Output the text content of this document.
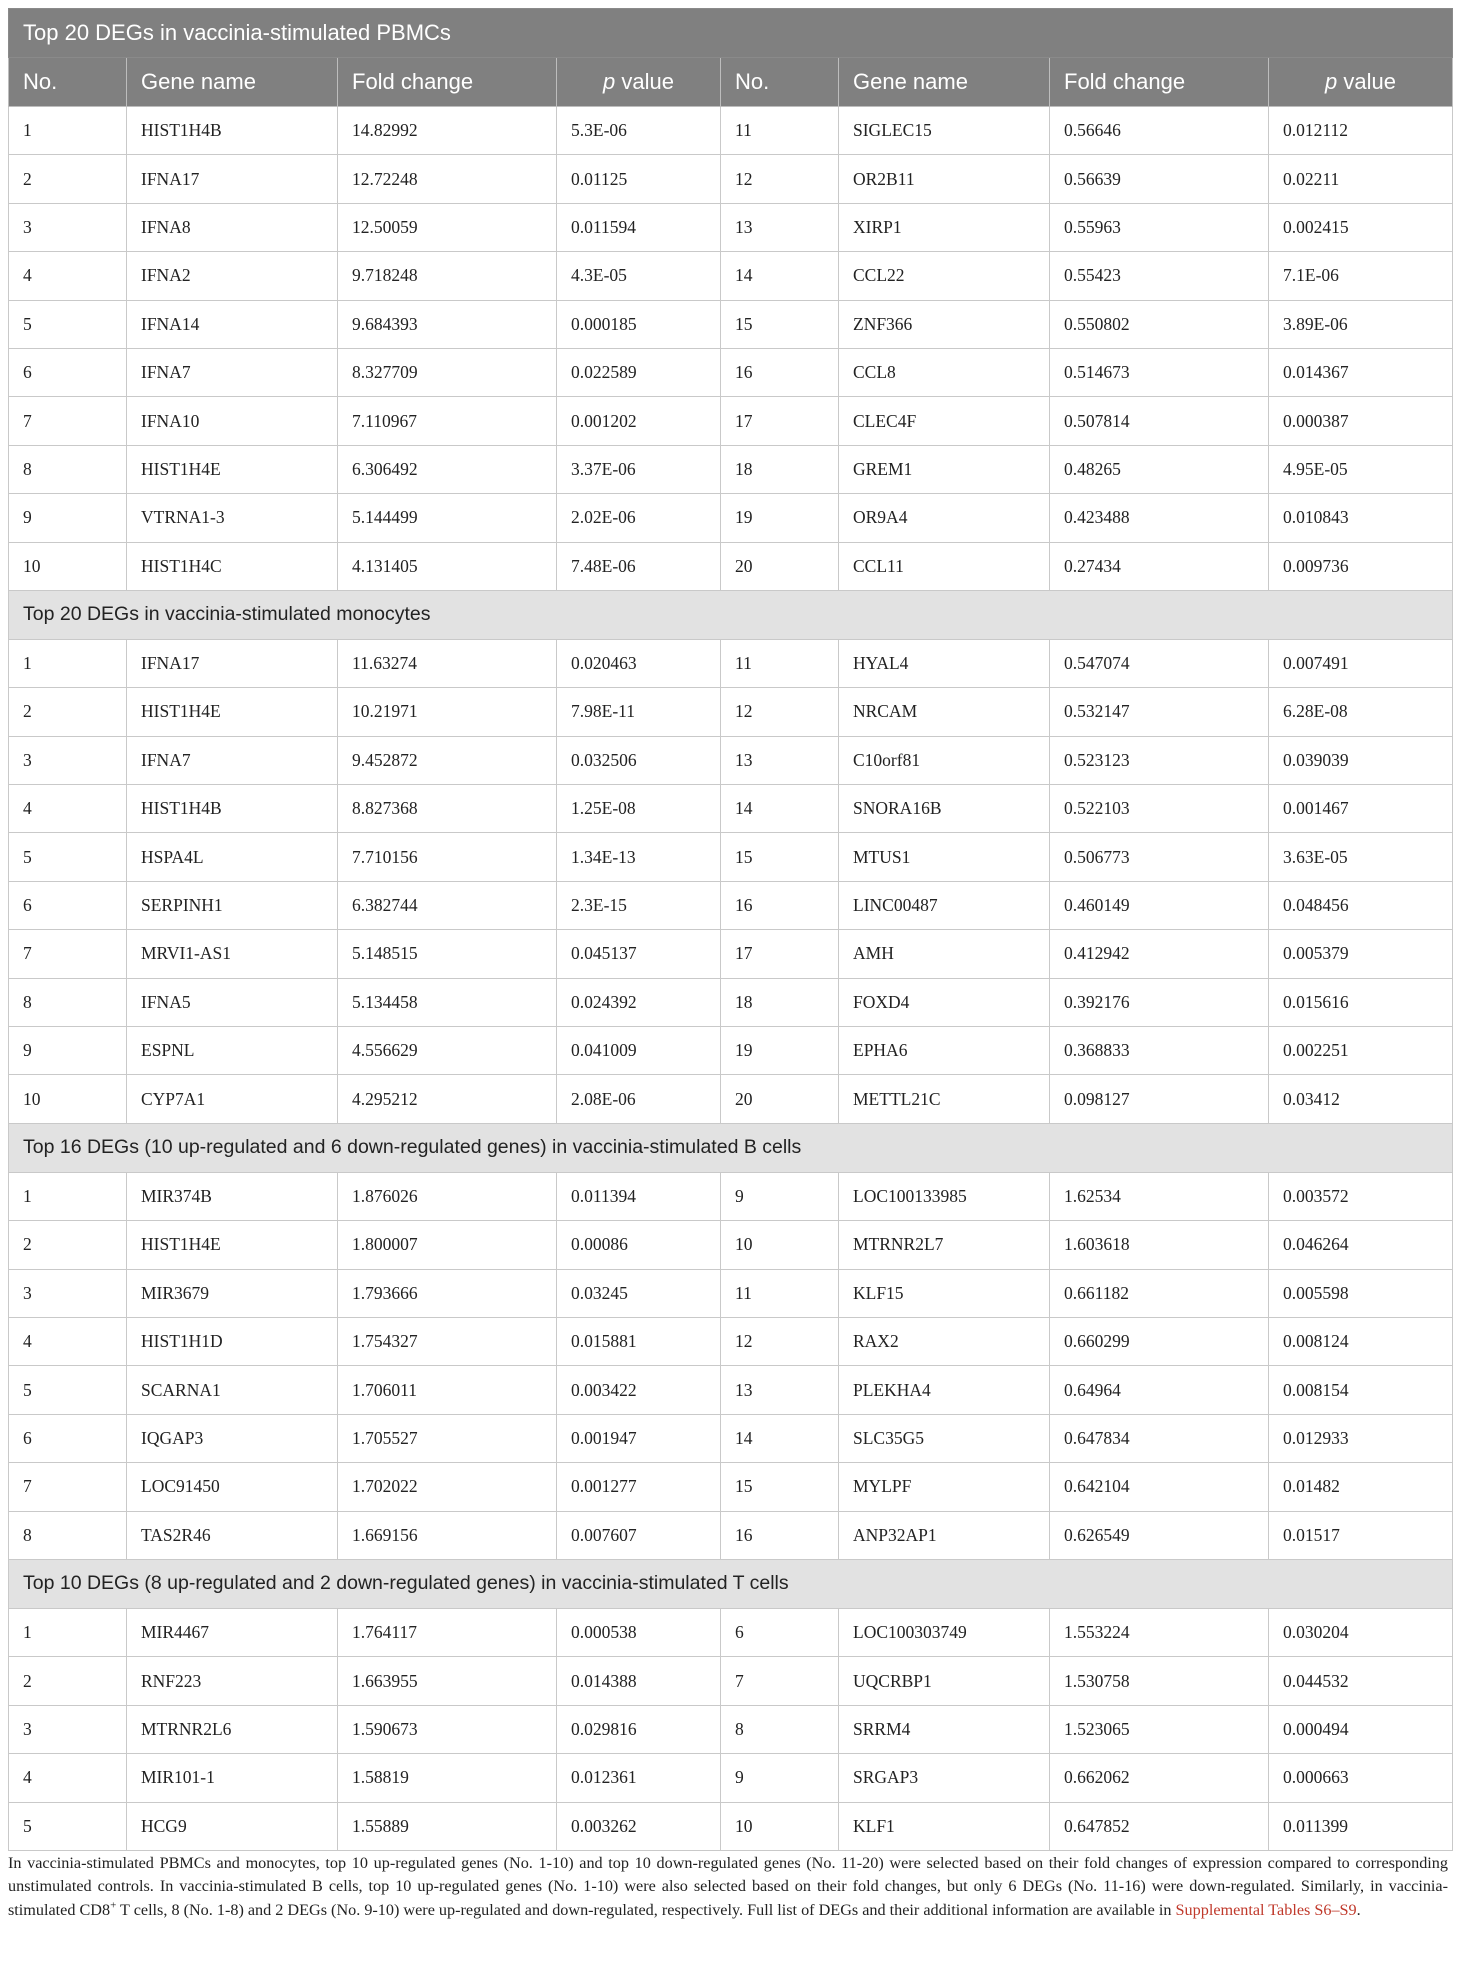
Top 20 DEGs in vaccinia-stimulated PBMCs							
No.	Gene name	Fold change	p value	No.	Gene name	Fold change	p value
1	HIST1H4B	14.82992	5.3E-06	11	SIGLEC15	0.56646	0.012112
2	IFNA17	12.72248	0.01125	12	OR2B11	0.56639	0.02211
3	IFNA8	12.50059	0.011594	13	XIRP1	0.55963	0.002415
4	IFNA2	9.718248	4.3E-05	14	CCL22	0.55423	7.1E-06
5	IFNA14	9.684393	0.000185	15	ZNF366	0.550802	3.89E-06
6	IFNA7	8.327709	0.022589	16	CCL8	0.514673	0.014367
7	IFNA10	7.110967	0.001202	17	CLEC4F	0.507814	0.000387
8	HIST1H4E	6.306492	3.37E-06	18	GREM1	0.48265	4.95E-05
9	VTRNA1-3	5.144499	2.02E-06	19	OR9A4	0.423488	0.010843
10	HIST1H4C	4.131405	7.48E-06	20	CCL11	0.27434	0.009736
Top 20 DEGs in vaccinia-stimulated monocytes							
1	IFNA17	11.63274	0.020463	11	HYAL4	0.547074	0.007491
2	HIST1H4E	10.21971	7.98E-11	12	NRCAM	0.532147	6.28E-08
3	IFNA7	9.452872	0.032506	13	C10orf81	0.523123	0.039039
4	HIST1H4B	8.827368	1.25E-08	14	SNORA16B	0.522103	0.001467
5	HSPA4L	7.710156	1.34E-13	15	MTUS1	0.506773	3.63E-05
6	SERPINH1	6.382744	2.3E-15	16	LINC00487	0.460149	0.048456
7	MRVI1-AS1	5.148515	0.045137	17	AMH	0.412942	0.005379
8	IFNA5	5.134458	0.024392	18	FOXD4	0.392176	0.015616
9	ESPNL	4.556629	0.041009	19	EPHA6	0.368833	0.002251
10	CYP7A1	4.295212	2.08E-06	20	METTL21C	0.098127	0.03412
Top 16 DEGs (10 up-regulated and 6 down-regulated genes) in vaccinia-stimulated B cells							
1	MIR374B	1.876026	0.011394	9	LOC100133985	1.62534	0.003572
2	HIST1H4E	1.800007	0.00086	10	MTRNR2L7	1.603618	0.046264
3	MIR3679	1.793666	0.03245	11	KLF15	0.661182	0.005598
4	HIST1H1D	1.754327	0.015881	12	RAX2	0.660299	0.008124
5	SCARNA1	1.706011	0.003422	13	PLEKHA4	0.64964	0.008154
6	IQGAP3	1.705527	0.001947	14	SLC35G5	0.647834	0.012933
7	LOC91450	1.702022	0.001277	15	MYLPF	0.642104	0.01482
8	TAS2R46	1.669156	0.007607	16	ANP32AP1	0.626549	0.01517
Top 10 DEGs (8 up-regulated and 2 down-regulated genes) in vaccinia-stimulated T cells							
1	MIR4467	1.764117	0.000538	6	LOC100303749	1.553224	0.030204
2	RNF223	1.663955	0.014388	7	UQCRBP1	1.530758	0.044532
3	MTRNR2L6	1.590673	0.029816	8	SRRM4	1.523065	0.000494
4	MIR101-1	1.58819	0.012361	9	SRGAP3	0.662062	0.000663
5	HCG9	1.55889	0.003262	10	KLF1	0.647852	0.011399
In vaccinia-stimulated PBMCs and monocytes, top 10 up-regulated genes (No. 1-10) and top 10 down-regulated genes (No. 11-20) were selected based on their fold changes of expression compared to corresponding unstimulated controls. In vaccinia-stimulated B cells, top 10 up-regulated genes (No. 1-10) were also selected based on their fold changes, but only 6 DEGs (No. 11-16) were down-regulated. Similarly, in vaccinia-stimulated CD8+ T cells, 8 (No. 1-8) and 2 DEGs (No. 9-10) were up-regulated and down-regulated, respectively. Full list of DEGs and their additional information are available in Supplemental Tables S6–S9.
